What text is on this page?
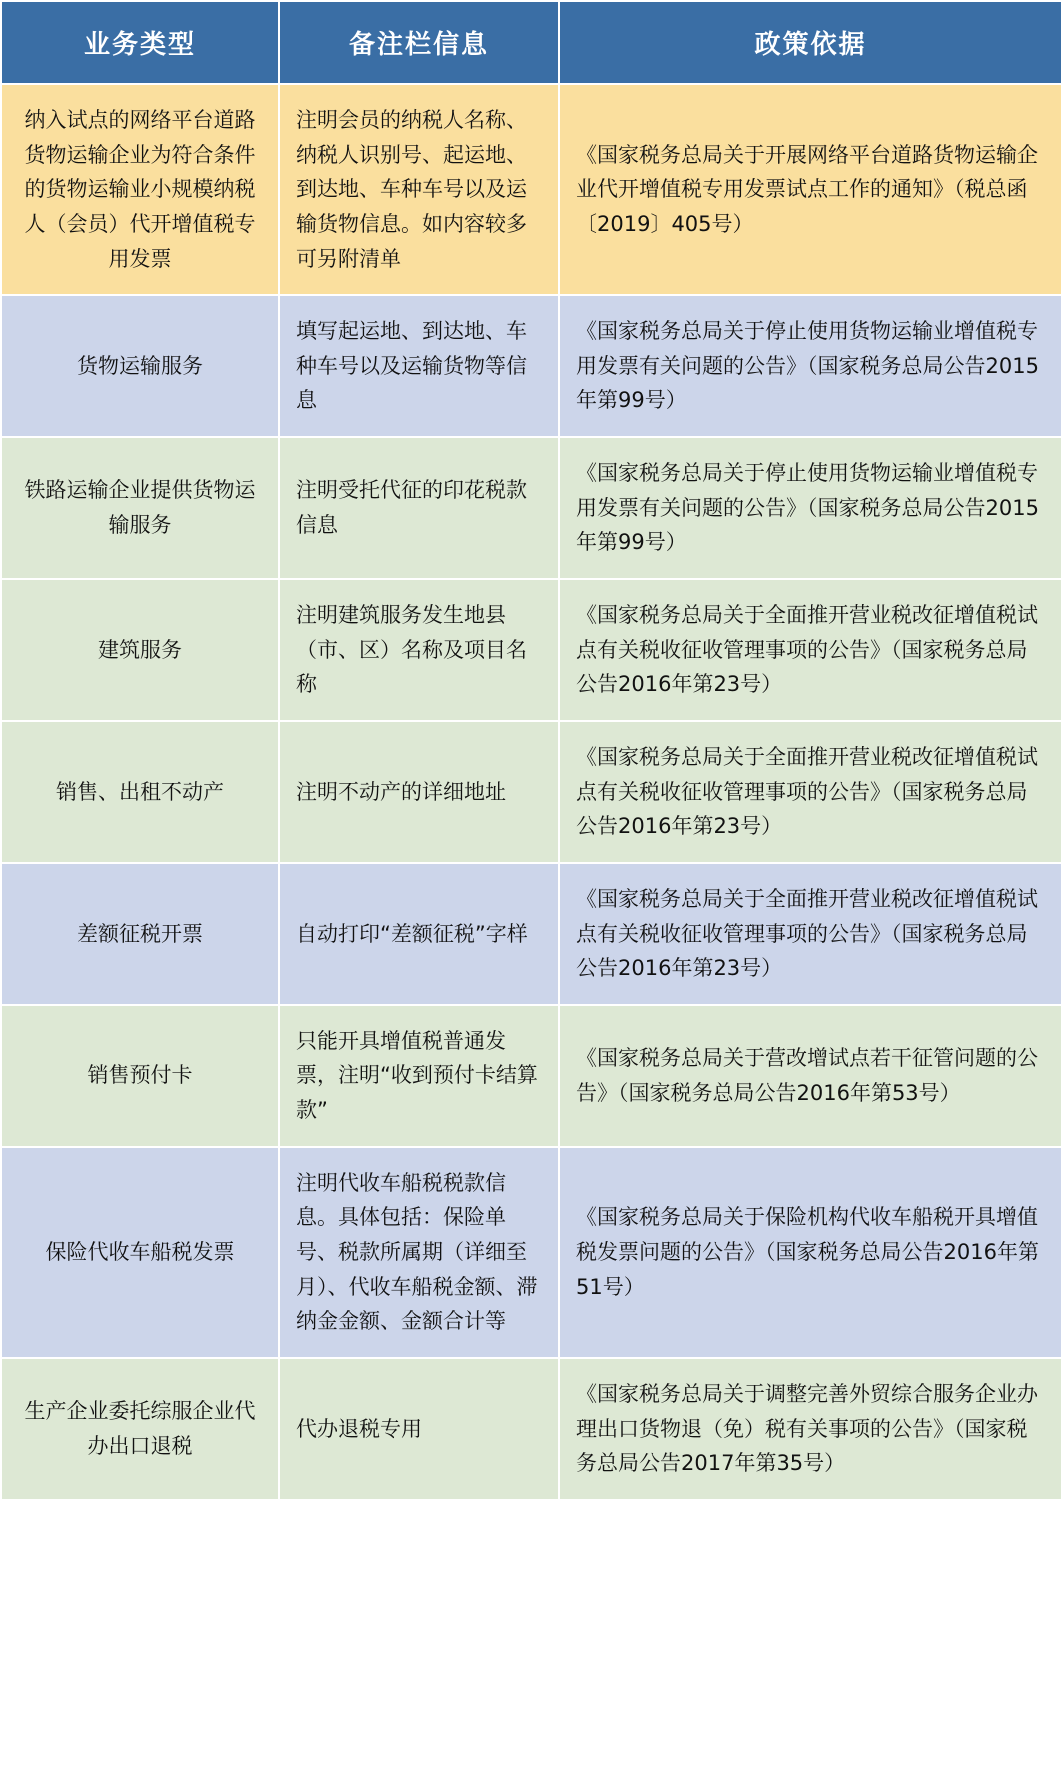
业务类型	备注栏信息	政策依据
纳入试点的网络平台道路货物运输企业为符合条件的货物运输业小规模纳税人（会员）代开增值税专用发票	注明会员的纳税人名称、纳税人识别号、起运地、到达地、车种车号以及运输货物信息。如内容较多可另附清单	《国家税务总局关于开展网络平台道路货物运输企业代开增值税专用发票试点工作的通知》（税总函〔2019〕405号）
货物运输服务	填写起运地、到达地、车种车号以及运输货物等信息	《国家税务总局关于停止使用货物运输业增值税专用发票有关问题的公告》（国家税务总局公告2015年第99号）
铁路运输企业提供货物运输服务	注明受托代征的印花税款信息	《国家税务总局关于停止使用货物运输业增值税专用发票有关问题的公告》（国家税务总局公告2015年第99号）
建筑服务	注明建筑服务发生地县（市、区）名称及项目名称	《国家税务总局关于全面推开营业税改征增值税试点有关税收征收管理事项的公告》（国家税务总局公告2016年第23号）
销售、出租不动产	注明不动产的详细地址	《国家税务总局关于全面推开营业税改征增值税试点有关税收征收管理事项的公告》（国家税务总局公告2016年第23号）
差额征税开票	自动打印“差额征税”字样	《国家税务总局关于全面推开营业税改征增值税试点有关税收征收管理事项的公告》（国家税务总局公告2016年第23号）
销售预付卡	只能开具增值税普通发票，注明“收到预付卡结算款”	《国家税务总局关于营改增试点若干征管问题的公告》（国家税务总局公告2016年第53号）
保险代收车船税发票	注明代收车船税税款信息。具体包括：保险单号、税款所属期（详细至月）、代收车船税金额、滞纳金金额、金额合计等	《国家税务总局关于保险机构代收车船税开具增值税发票问题的公告》（国家税务总局公告2016年第51号）
生产企业委托综服企业代办出口退税	代办退税专用	《国家税务总局关于调整完善外贸综合服务企业办理出口货物退（免）税有关事项的公告》（国家税务总局公告2017年第35号）
